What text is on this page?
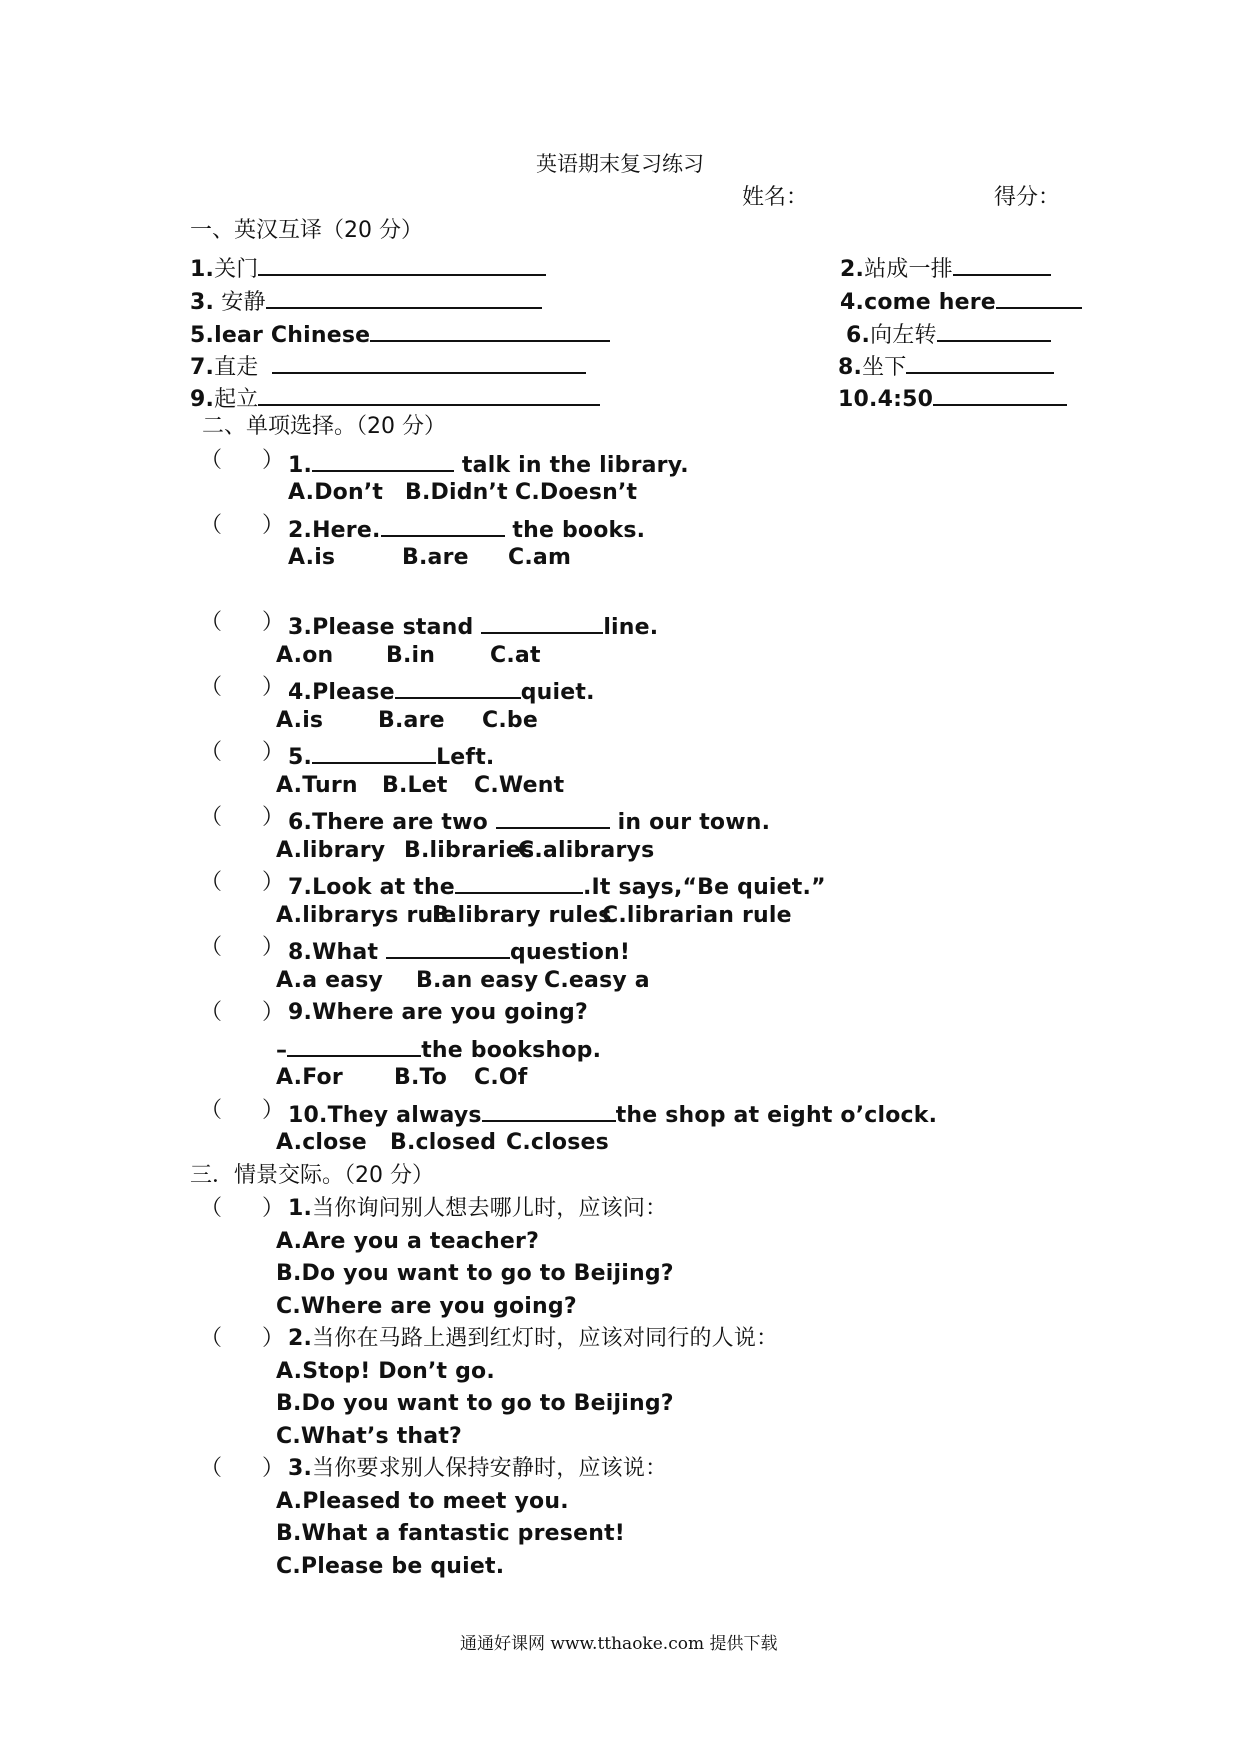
英语期末复习练习
姓名：	得分：
一、英汉互译（20 分）
1.关门	2.站成一排
3. 安静	4.come here
5.lear Chinese	6.向左转
7.直走	8.坐下
9.起立	10.4:50
二、单项选择。（20 分）
（ ） 1.	talk in the library.
A.Don’t B.Didn’t C.Doesn’t
（ ） 2.Here.	the books.
A.is	B.are C.am
（ ） 3.Please stand	line.
A.on B.in C.at
（ ） 4.Please	quiet.
A.is B.are C.be
（ ） 5.	Left.
A.Turn B.Let C.Went
（ ） 6.There are two	in our town.
A.library B.libraries
C.alibrarys
（ ） 7.Look at the	.It says,“Be quiet.”
A.librarys rule
B.library rules
C.librarian rule
（ ） 8.What	question!
A.a easy B.an easy C.easy a
（ ） 9.Where are you going?
–	the bookshop.
A.For B.To C.Of
（ ） 10.They always	the shop at eight o’clock.
A.close B.closed C.closes
三．情景交际。（20 分）
（ ） 1.当你询问别人想去哪儿时，应该问：
A.Are you a teacher?
B.Do you want to go to Beijing?
C.Where are you going?
（ ） 2.当你在马路上遇到红灯时，应该对同行的人说：
A.Stop! Don’t go.
B.Do you want to go to Beijing?
C.What’s that?
（ ） 3.当你要求别人保持安静时，应该说：
A.Pleased to meet you.
B.What a fantastic present!
C.Please be quiet.
通通好课网 www.tthaoke.com 提供下载
